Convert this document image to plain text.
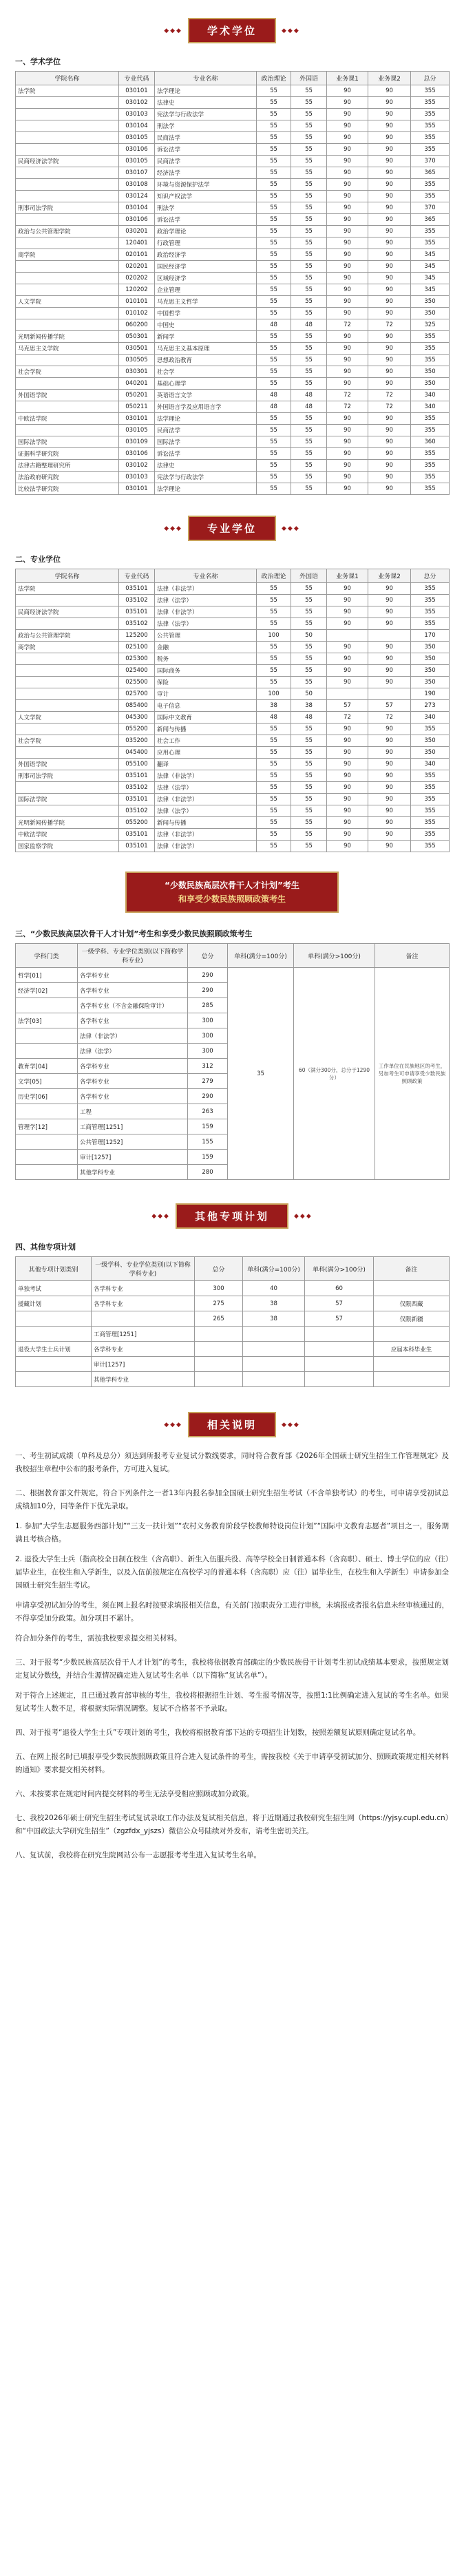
◆◆◆	学术学位	◆◆◆
一、学术学位
学院名称	专业代码	专业名称	政治理论	外国语	业务课1	业务课2	总分
法学院	030101	法学理论	55	55	90	90	355
	030102	法律史	55	55	90	90	355
	030103	宪法学与行政法学	55	55	90	90	355
	030104	刑法学	55	55	90	90	355
	030105	民商法学	55	55	90	90	355
	030106	诉讼法学	55	55	90	90	355
民商经济法学院	030105	民商法学	55	55	90	90	370
	030107	经济法学	55	55	90	90	365
	030108	环境与资源保护法学	55	55	90	90	355
	030124	知识产权法学	55	55	90	90	355
刑事司法学院	030104	刑法学	55	55	90	90	370
	030106	诉讼法学	55	55	90	90	365
政治与公共管理学院	030201	政治学理论	55	55	90	90	355
	120401	行政管理	55	55	90	90	355
商学院	020101	政治经济学	55	55	90	90	345
	020201	国民经济学	55	55	90	90	345
	020202	区域经济学	55	55	90	90	345
	120202	企业管理	55	55	90	90	345
人文学院	010101	马克思主义哲学	55	55	90	90	350
	010102	中国哲学	55	55	90	90	350
	060200	中国史	48	48	72	72	325
光明新闻传播学院	050301	新闻学	55	55	90	90	355
马克思主义学院	030501	马克思主义基本原理	55	55	90	90	355
	030505	思想政治教育	55	55	90	90	355
社会学院	030301	社会学	55	55	90	90	350
	040201	基础心理学	55	55	90	90	350
外国语学院	050201	英语语言文学	48	48	72	72	340
	050211	外国语言学及应用语言学	48	48	72	72	340
中欧法学院	030101	法学理论	55	55	90	90	355
	030105	民商法学	55	55	90	90	355
国际法学院	030109	国际法学	55	55	90	90	360
证据科学研究院	030106	诉讼法学	55	55	90	90	355
法律古籍整理研究所	030102	法律史	55	55	90	90	355
法治政府研究院	030103	宪法学与行政法学	55	55	90	90	355
比较法学研究院	030101	法学理论	55	55	90	90	355
◆◆◆	专业学位	◆◆◆
二、专业学位
学院名称	专业代码	专业名称	政治理论	外国语	业务课1	业务课2	总分
法学院	035101	法律（非法学）	55	55	90	90	355
	035102	法律（法学）	55	55	90	90	355
民商经济法学院	035101	法律（非法学）	55	55	90	90	355
	035102	法律（法学）	55	55	90	90	355
政治与公共管理学院	125200	公共管理	100	50			170
商学院	025100	金融	55	55	90	90	350
	025300	税务	55	55	90	90	350
	025400	国际商务	55	55	90	90	350
	025500	保险	55	55	90	90	350
	025700	审计	100	50			190
	085400	电子信息	38	38	57	57	273
人文学院	045300	国际中文教育	48	48	72	72	340
	055200	新闻与传播	55	55	90	90	355
社会学院	035200	社会工作	55	55	90	90	350
	045400	应用心理	55	55	90	90	350
外国语学院	055100	翻译	55	55	90	90	340
刑事司法学院	035101	法律（非法学）	55	55	90	90	355
	035102	法律（法学）	55	55	90	90	355
国际法学院	035101	法律（非法学）	55	55	90	90	355
	035102	法律（法学）	55	55	90	90	355
光明新闻传播学院	055200	新闻与传播	55	55	90	90	355
中欧法学院	035101	法律（非法学）	55	55	90	90	355
国家监察学院	035101	法律（非法学）	55	55	90	90	355
“少数民族高层次骨干人才计划”考生
和享受少数民族照顾政策考生
三、“少数民族高层次骨干人才计划”考生和享受少数民族照顾政策考生
学科门类	一级学科、专业学位类别(以下简称学科专业)	总分	单科(满分=100分)	单科(满分>100分)	备注
哲学[01]	各学科专业	290	35	60（满分300分，总分于1290分）	工作单位在民族地区的考生，另加考生可申请享受少数民族照顾政策
经济学[02]	各学科专业	290			
	各学科专业（不含金融保险审计）	285			
法学[03]	各学科专业	300			
	法律（非法学）	300			
	法律（法学）	300			
教育学[04]	各学科专业	312			
文学[05]	各学科专业	279			
历史学[06]	各学科专业	290			
	工程	263			
管理学[12]	工商管理[1251]	159			
	公共管理[1252]	155			
	审计[1257]	159			
	其他学科专业	280			
◆◆◆	其他专项计划	◆◆◆
四、其他专项计划
其他专项计划类别	一级学科、专业学位类别(以下简称学科专业)	总分	单科(满分=100分)	单科(满分>100分)	备注
单独考试	各学科专业	300	40	60	
援藏计划	各学科专业	275	38	57	仅限西藏
		265	38	57	仅限新疆
	工商管理[1251]				
退役大学生士兵计划	各学科专业				应届本科毕业生
	审计[1257]				
	其他学科专业				
◆◆◆	相关说明	◆◆◆

一、考生初试成绩（单科及总分）须达到所报考专业复试分数线要求，同时符合教育部《2026年全国硕士研究生招生工作管理规定》及我校招生章程中公布的报考条件，方可进入复试。

二、根据教育部文件规定，符合下列条件之一者13年内报名参加全国硕士研究生招生考试（不含单独考试）的考生，可申请享受初试总成绩加10分，同等条件下优先录取。

1. 参加“大学生志愿服务西部计划”“三支一扶计划”“农村义务教育阶段学校教师特设岗位计划”“国际中文教育志愿者”项目之一，服务期满且考核合格。

2. 退役大学生士兵（指高校全日制在校生（含高职）、新生入伍服兵役、高等学校全日制普通本科（含高职）、硕士、博士学位的应（往）届毕业生，在校生和入学新生，以及入伍前按规定在高校学习的普通本科（含高职）应（往）届毕业生，在校生和入学新生）申请参加全国硕士研究生招生考试。

申请享受初试加分的考生，须在网上报名时按要求填报相关信息，有关部门按职责分工进行审核，未填报或者报名信息未经审核通过的，不得享受加分政策。加分项目不累计。

符合加分条件的考生，需按我校要求提交相关材料。

三、对于报考“少数民族高层次骨干人才计划”的考生，我校将依据教育部确定的少数民族骨干计划考生初试成绩基本要求，按照规定划定复试分数线，并结合生源情况确定进入复试考生名单（以下简称“复试名单”）。

对于符合上述规定，且已通过教育部审核的考生，我校将根据招生计划、考生报考情况等，按照1:1比例确定进入复试的考生名单。如果复试考生人数不足，将根据实际情况调整。复试不合格者不予录取。

四、对于报考“退役大学生士兵”专项计划的考生，我校将根据教育部下达的专项招生计划数，按照差额复试原则确定复试名单。

五、在网上报名时已填报享受少数民族照顾政策且符合进入复试条件的考生，需按我校《关于申请享受初试加分、照顾政策规定相关材料的通知》要求提交相关材料。

六、未按要求在规定时间内提交材料的考生无法享受相应照顾或加分政策。

七、我校2026年硕士研究生招生考试复试录取工作办法及复试相关信息，将于近期通过我校研究生招生网（https://yjsy.cupl.edu.cn）和“中国政法大学研究生招生”（zgzfdx_yjszs）微信公众号陆续对外发布，请考生密切关注。

八、复试前，我校将在研究生院网站公布一志愿报考考生进入复试考生名单。
